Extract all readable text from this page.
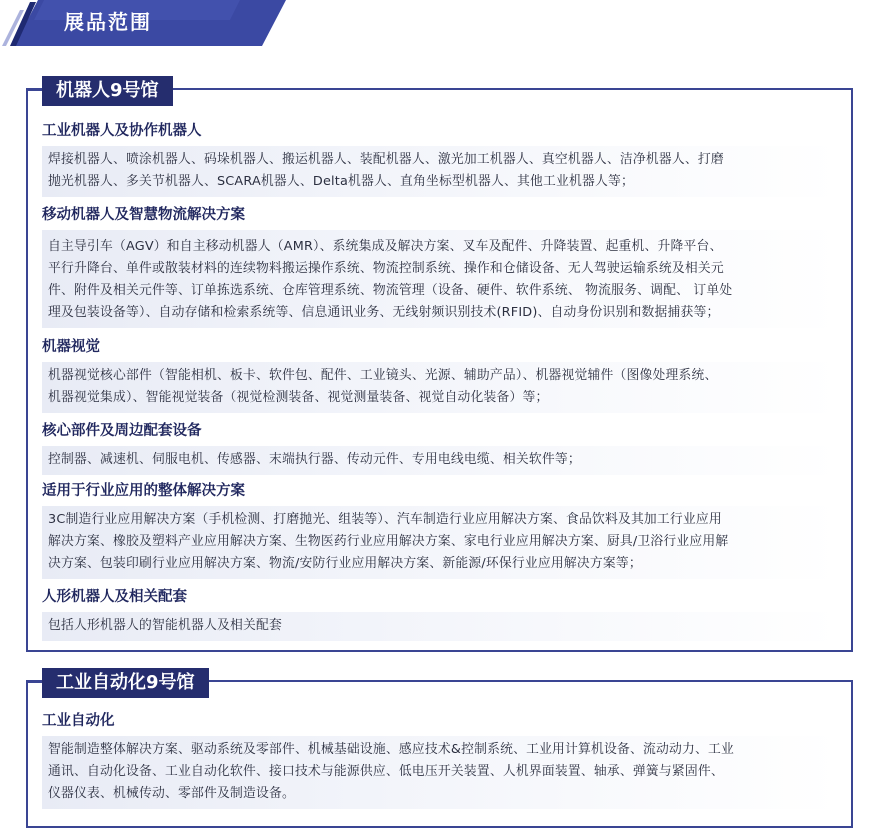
展品范围
机器人9号馆
工业机器人及协作机器人
焊接机器人、喷涂机器人、码垛机器人、搬运机器人、装配机器人、激光加工机器人、真空机器人、洁净机器人、打磨
抛光机器人、多关节机器人、SCARA机器人、Delta机器人、直角坐标型机器人、其他工业机器人等；
移动机器人及智慧物流解决方案
自主导引车（AGV）和自主移动机器人（AMR）、系统集成及解决方案、叉车及配件、升降装置、起重机、升降平台、
平行升降台、单件或散装材料的连续物料搬运操作系统、物流控制系统、操作和仓储设备、无人驾驶运输系统及相关元
件、附件及相关元件等、订单拣选系统、仓库管理系统、物流管理（设备、硬件、软件系统、 物流服务、调配、 订单处
理及包装设备等）、自动存储和检索系统等、信息通讯业务、无线射频识别技术(RFID)、自动身份识别和数据捕获等；
机器视觉
机器视觉核心部件（智能相机、板卡、软件包、配件、工业镜头、光源、辅助产品）、机器视觉辅件（图像处理系统、
机器视觉集成）、智能视觉装备（视觉检测装备、视觉测量装备、视觉自动化装备）等；
核心部件及周边配套设备
控制器、减速机、伺服电机、传感器、末端执行器、传动元件、专用电线电缆、相关软件等；
适用于行业应用的整体解决方案
3C制造行业应用解决方案（手机检测、打磨抛光、组装等）、汽车制造行业应用解决方案、食品饮料及其加工行业应用
解决方案、橡胶及塑料产业应用解决方案、生物医药行业应用解决方案、家电行业应用解决方案、厨具/卫浴行业应用解
决方案、包装印刷行业应用解决方案、物流/安防行业应用解决方案、新能源/环保行业应用解决方案等；
人形机器人及相关配套
包括人形机器人的智能机器人及相关配套
工业自动化9号馆
工业自动化
智能制造整体解决方案、驱动系统及零部件、机械基础设施、感应技术&控制系统、工业用计算机设备、流动动力、工业
通讯、自动化设备、工业自动化软件、接口技术与能源供应、低电压开关装置、人机界面装置、轴承、弹簧与紧固件、
仪器仪表、机械传动、零部件及制造设备。
